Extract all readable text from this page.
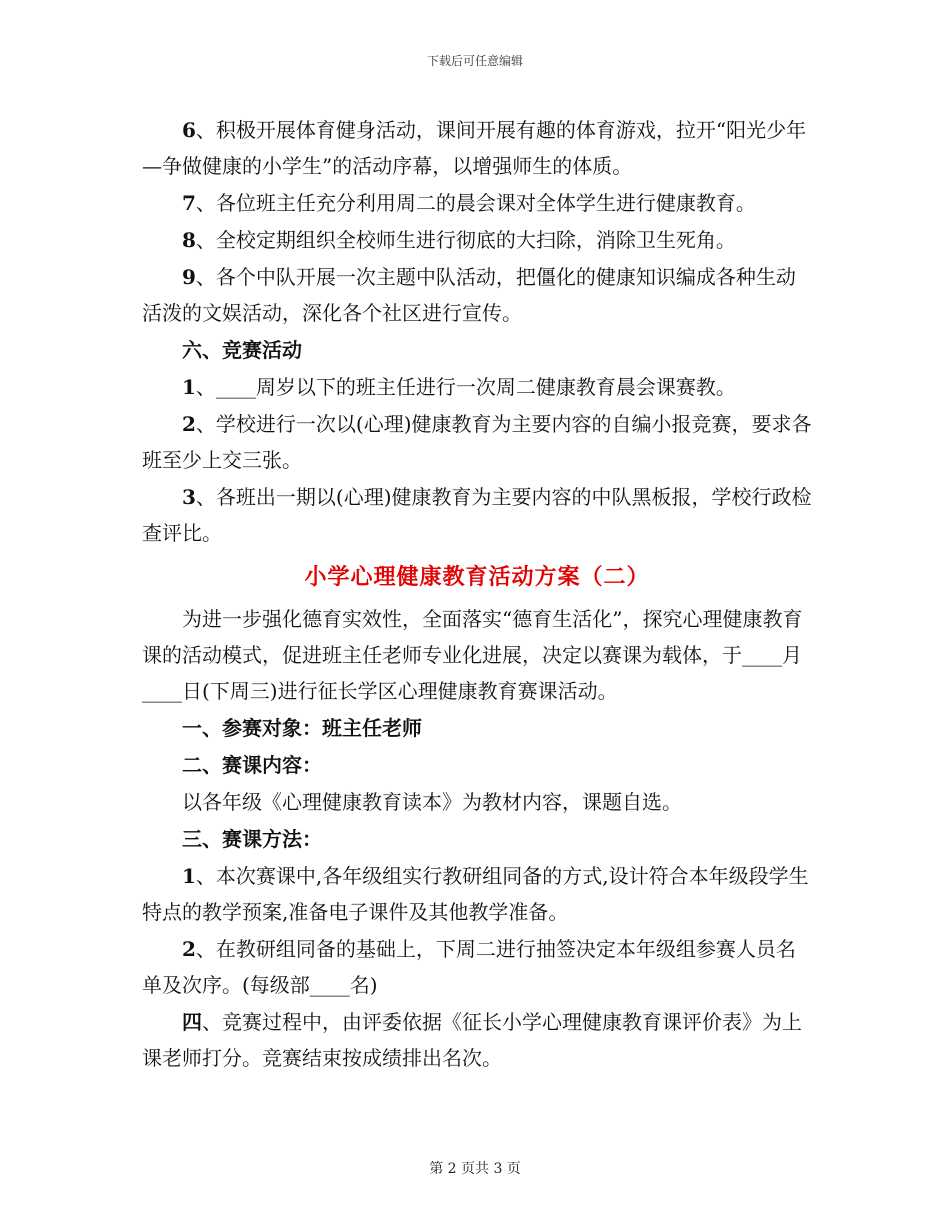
下载后可任意编辑

6、积极开展体育健身活动，课间开展有趣的体育游戏，拉开“阳光少年—争做健康的小学生”的活动序幕，以增强师生的体质。

7、各位班主任充分利用周二的晨会课对全体学生进行健康教育。

8、全校定期组织全校师生进行彻底的大扫除，消除卫生死角。

9、各个中队开展一次主题中队活动，把僵化的健康知识编成各种生动活泼的文娱活动，深化各个社区进行宣传。

六、竞赛活动

1、____周岁以下的班主任进行一次周二健康教育晨会课赛教。

2、学校进行一次以(心理)健康教育为主要内容的自编小报竞赛，要求各班至少上交三张。

3、各班出一期以(心理)健康教育为主要内容的中队黑板报，学校行政检查评比。

小学心理健康教育活动方案（二）

为进一步强化德育实效性，全面落实“德育生活化”，探究心理健康教育课的活动模式，促进班主任老师专业化进展，决定以赛课为载体，于____月____日(下周三)进行征长学区心理健康教育赛课活动。

一、参赛对象：班主任老师

二、赛课内容：

以各年级《心理健康教育读本》为教材内容，课题自选。

三、赛课方法：

1、本次赛课中,各年级组实行教研组同备的方式,设计符合本年级段学生特点的教学预案,准备电子课件及其他教学准备。

2、在教研组同备的基础上，下周二进行抽签决定本年级组参赛人员名单及次序。(每级部____名)

四、竞赛过程中，由评委依据《征长小学心理健康教育课评价表》为上课老师打分。竞赛结束按成绩排出名次。

第 2 页共 3 页
